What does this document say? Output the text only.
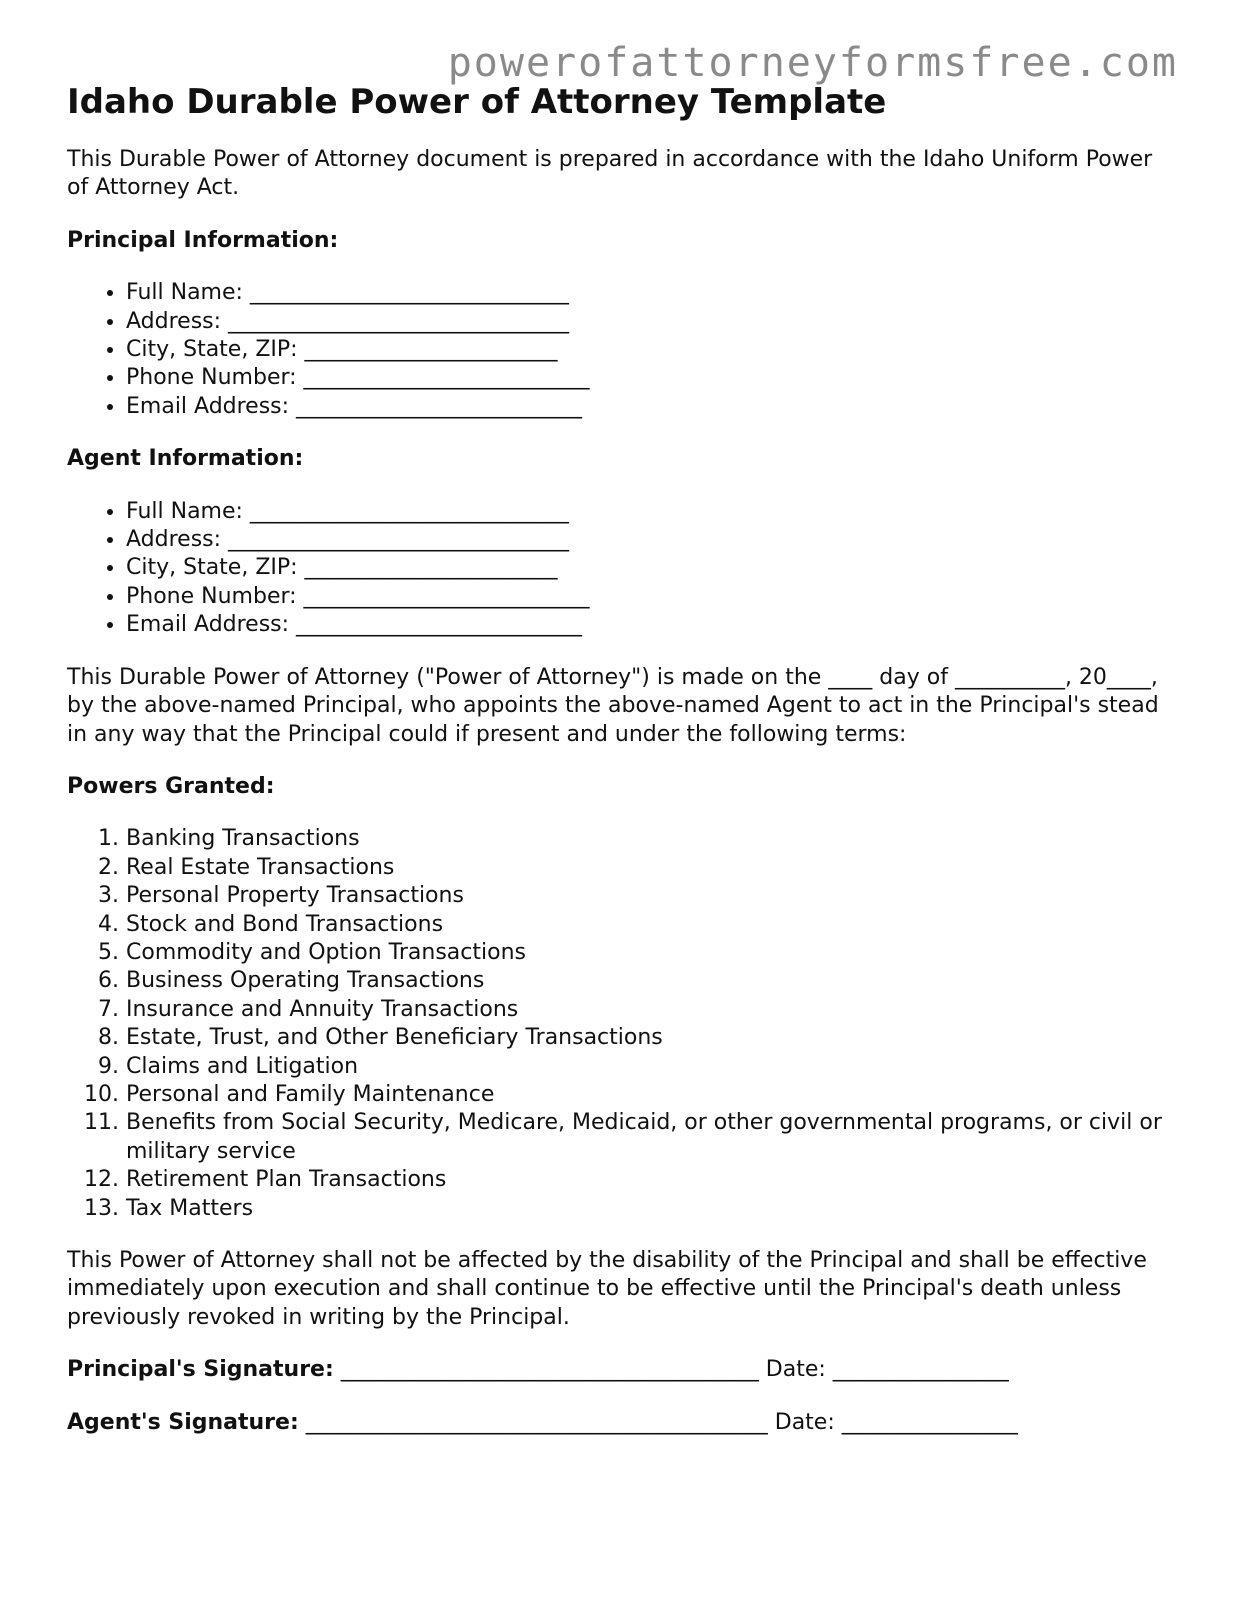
powerofattorneyformsfree.com
Idaho Durable Power of Attorney Template

This Durable Power of Attorney document is prepared in accordance with the Idaho Uniform Power of Attorney Act.

Principal Information:
• Full Name: _____________________________
• Address: _______________________________
• City, State, ZIP: _______________________
• Phone Number: __________________________
• Email Address: __________________________
Agent Information:
• Full Name: _____________________________
• Address: _______________________________
• City, State, ZIP: _______________________
• Phone Number: __________________________
• Email Address: __________________________

This Durable Power of Attorney ("Power of Attorney") is made on the ____ day of __________, 20____, by the above-named Principal, who appoints the above-named Agent to act in the Principal's stead in any way that the Principal could if present and under the following terms:

Powers Granted:
1. Banking Transactions
2. Real Estate Transactions
3. Personal Property Transactions
4. Stock and Bond Transactions
5. Commodity and Option Transactions
6. Business Operating Transactions
7. Insurance and Annuity Transactions
8. Estate, Trust, and Other Beneficiary Transactions
9. Claims and Litigation
10. Personal and Family Maintenance
11. Benefits from Social Security, Medicare, Medicaid, or other governmental programs, or civil or military service
12. Retirement Plan Transactions
13. Tax Matters

This Power of Attorney shall not be affected by the disability of the Principal and shall be effective immediately upon execution and shall continue to be effective until the Principal's death unless previously revoked in writing by the Principal.

Principal's Signature: ______________________________________ Date: ________________
Agent's Signature: __________________________________________ Date: ________________
